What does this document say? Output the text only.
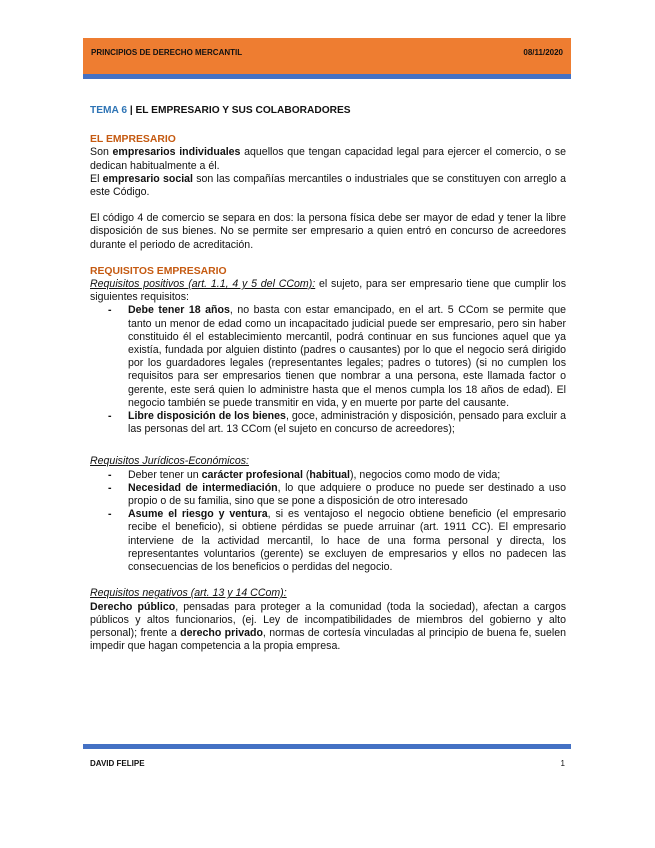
PRINCIPIOS DE DERECHO MERCANTIL	08/11/2020
TEMA 6 | EL EMPRESARIO Y SUS COLABORADORES
EL EMPRESARIO

Son empresarios individuales aquellos que tengan capacidad legal para ejercer el comercio, o se dedican habitualmente a él.

El empresario social son las compañías mercantiles o industriales que se constituyen con arreglo a este Código.

El código 4 de comercio se separa en dos: la persona física debe ser mayor de edad y tener la libre disposición de sus bienes. No se permite ser empresario a quien entró en concurso de acreedores durante el periodo de acreditación.

REQUISITOS EMPRESARIO

Requisitos positivos (art. 1.1, 4 y 5 del CCom): el sujeto, para ser empresario tiene que cumplir los siguientes requisitos:

- Debe tener 18 años, no basta con estar emancipado, en el art. 5 CCom se permite que tanto un menor de edad como un incapacitado judicial puede ser empresario, pero sin haber constituido él el establecimiento mercantil, podrá continuar en sus funciones aquel que ya existía, fundada por alguien distinto (padres o causantes) por lo que el negocio será dirigido por los guardadores legales (representantes legales; padres o tutores) (si no cumplen los requisitos para ser empresarios tienen que nombrar a una persona, este llamada factor o gerente, este será quien lo administre hasta que el menos cumpla los 18 años de edad). El negocio también se puede transmitir en vida, y en muerte por parte del causante.
- Libre disposición de los bienes, goce, administración y disposición, pensado para excluir a las personas del art. 13 CCom (el sujeto en concurso de acreedores);

Requisitos Jurídicos-Económicos:

- Deber tener un carácter profesional (habitual), negocios como modo de vida;
- Necesidad de intermediación, lo que adquiere o produce no puede ser destinado a uso propio o de su familia, sino que se pone a disposición de otro interesado
- Asume el riesgo y ventura, si es ventajoso el negocio obtiene beneficio (el empresario recibe el beneficio), si obtiene pérdidas se puede arruinar (art. 1911 CC). El empresario interviene de la actividad mercantil, lo hace de una forma personal y directa, los representantes voluntarios (gerente) se excluyen de empresarios y ellos no padecen las consecuencias de los beneficios o perdidas del negocio.

Requisitos negativos (art. 13 y 14 CCom):

Derecho público, pensadas para proteger a la comunidad (toda la sociedad), afectan a cargos públicos y altos funcionarios, (ej. Ley de incompatibilidades de miembros del gobierno y alto personal); frente a derecho privado, normas de cortesía vinculadas al principio de buena fe, suelen impedir que hagan competencia a la propia empresa.

DAVID FELIPE	1
